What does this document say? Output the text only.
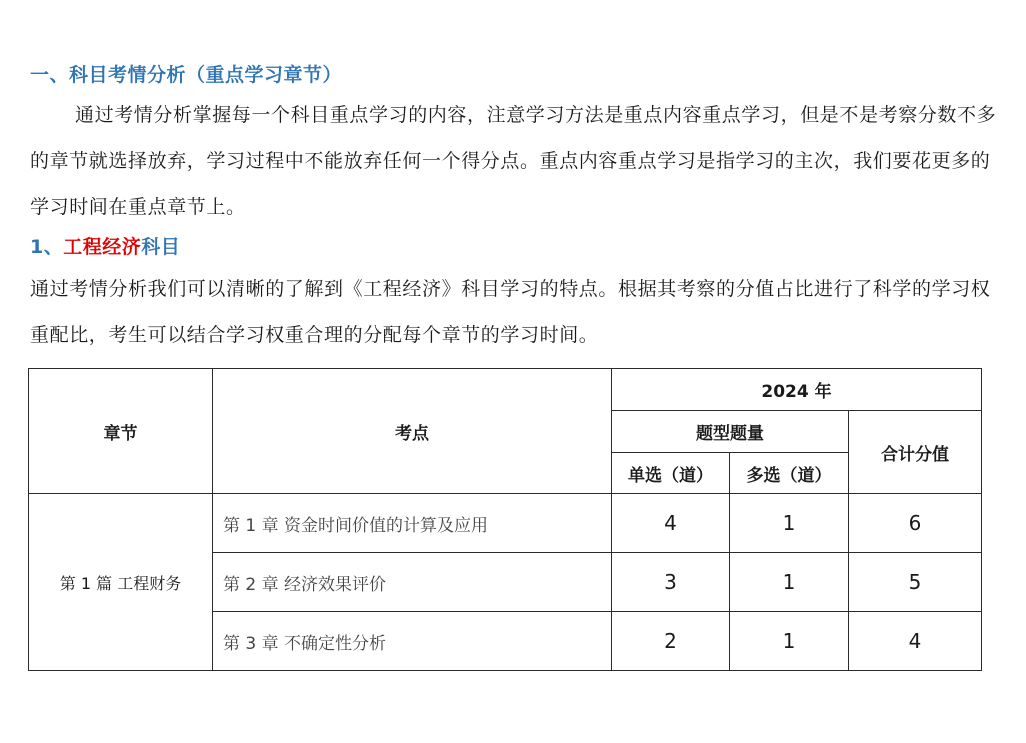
一、科目考情分析（重点学习章节）
通过考情分析掌握每一个科目重点学习的内容，注意学习方法是重点内容重点学习，但是不是考察分数不多的章节就选择放弃，学习过程中不能放弃任何一个得分点。重点内容重点学习是指学习的主次，我们要花更多的学习时间在重点章节上。
1、工程经济科目
通过考情分析我们可以清晰的了解到《工程经济》科目学习的特点。根据其考察的分值占比进行了科学的学习权重配比，考生可以结合学习权重合理的分配每个章节的学习时间。
章节	考点	2024 年		
		题型题量		合计分值
		单选（道）	多选（道）	
第 1 篇 工程财务	第 1 章 资金时间价值的计算及应用	4	1	6
	第 2 章 经济效果评价	3	1	5
	第 3 章 不确定性分析	2	1	4
